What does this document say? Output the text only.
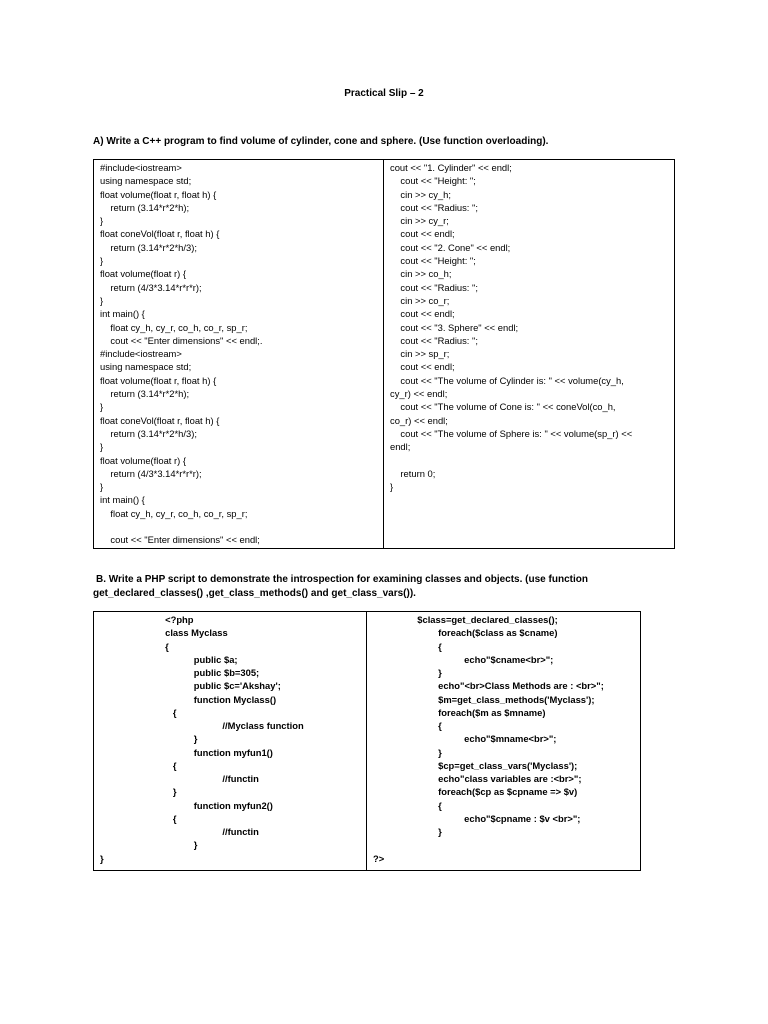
Practical Slip – 2
A) Write a C++ program to find volume of cylinder, cone and sphere. (Use function overloading).
#include<iostream>
using namespace std;
float volume(float r, float h) {
return (3.14*r*2*h);
}
float coneVol(float r, float h) {
return (3.14*r*2*h/3);
}
float volume(float r) {
return (4/3*3.14*r*r*r);
}
int main() {
float cy_h, cy_r, co_h, co_r, sp_r;
cout << "Enter dimensions" << endl;.
#include<iostream>
using namespace std;
float volume(float r, float h) {
return (3.14*r*2*h);
}
float coneVol(float r, float h) {
return (3.14*r*2*h/3);
}
float volume(float r) {
return (4/3*3.14*r*r*r);
}
int main() {
float cy_h, cy_r, co_h, co_r, sp_r;
cout << "Enter dimensions" << endl;

cout << "1. Cylinder" << endl;
cout << "Height: ";
cin >> cy_h;
cout << "Radius: ";
cin >> cy_r;
cout << endl;
cout << "2. Cone" << endl;
cout << "Height: ";
cin >> co_h;
cout << "Radius: ";
cin >> co_r;
cout << endl;
cout << "3. Sphere" << endl;
cout << "Radius: ";
cin >> sp_r;
cout << endl;
cout << "The volume of Cylinder is: " << volume(cy_h,
cy_r) << endl;
cout << "The volume of Cone is: " << coneVol(co_h,
co_r) << endl;
cout << "The volume of Sphere is: " << volume(sp_r) <<
endl;
return 0;
}
B. Write a PHP script to demonstrate the introspection for examining classes and objects. (use function
get_declared_classes() ,get_class_methods() and get_class_vars()).
<?php
class Myclass
{
public $a;
public $b=305;
public $c='Akshay';
function Myclass()
{
//Myclass function
}
function myfun1()
{
//functin
}
function myfun2()
{
//functin
}
}

$class=get_declared_classes();
foreach($class as $cname)
{
echo"$cname<br>";
}
echo"<br>Class Methods are : <br>";
$m=get_class_methods('Myclass');
foreach($m as $mname)
{
echo"$mname<br>";
}
$cp=get_class_vars('Myclass');
echo"class variables are :<br>";
foreach($cp as $cpname => $v)
{
echo"$cpname : $v <br>";
}
?>
